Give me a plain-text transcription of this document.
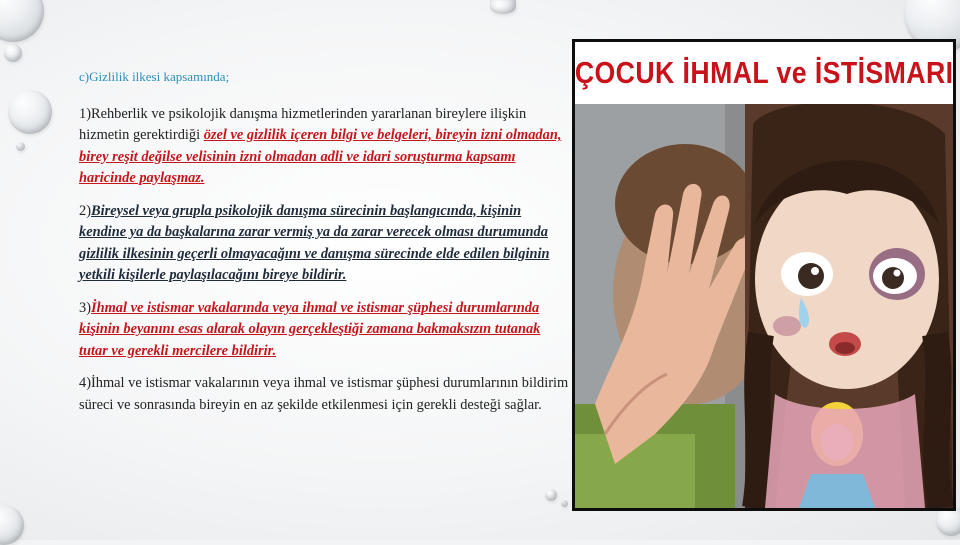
c)Gizlilik ilkesi kapsamında;

1)Rehberlik ve psikolojik danışma hizmetlerinden yararlanan bireylere ilişkin hizmetin gerektirdiği özel ve gizlilik içeren bilgi ve belgeleri, bireyin izni olmadan, birey reşit değilse velisinin izni olmadan adli ve idari soruşturma kapsamı haricinde paylaşmaz.

2)Bireysel veya grupla psikolojik danışma sürecinin başlangıcında, kişinin kendine ya da başkalarına zarar vermiş ya da zarar verecek olması durumunda gizlilik ilkesinin geçerli olmayacağını ve danışma sürecinde elde edilen bilginin yetkili kişilerle paylaşılacağını bireye bildirir.

3)İhmal ve istismar vakalarında veya ihmal ve istismar şüphesi durumlarında kişinin beyanını esas alarak olayın gerçekleştiği zamana bakmaksızın tutanak tutar ve gerekli mercilere bildirir.

4)İhmal ve istismar vakalarının veya ihmal ve istismar şüphesi durumlarının bildirim süreci ve sonrasında bireyin en az şekilde etkilenmesi için gerekli desteği sağlar.

ÇOCUK İHMAL ve İSTİSMARI
